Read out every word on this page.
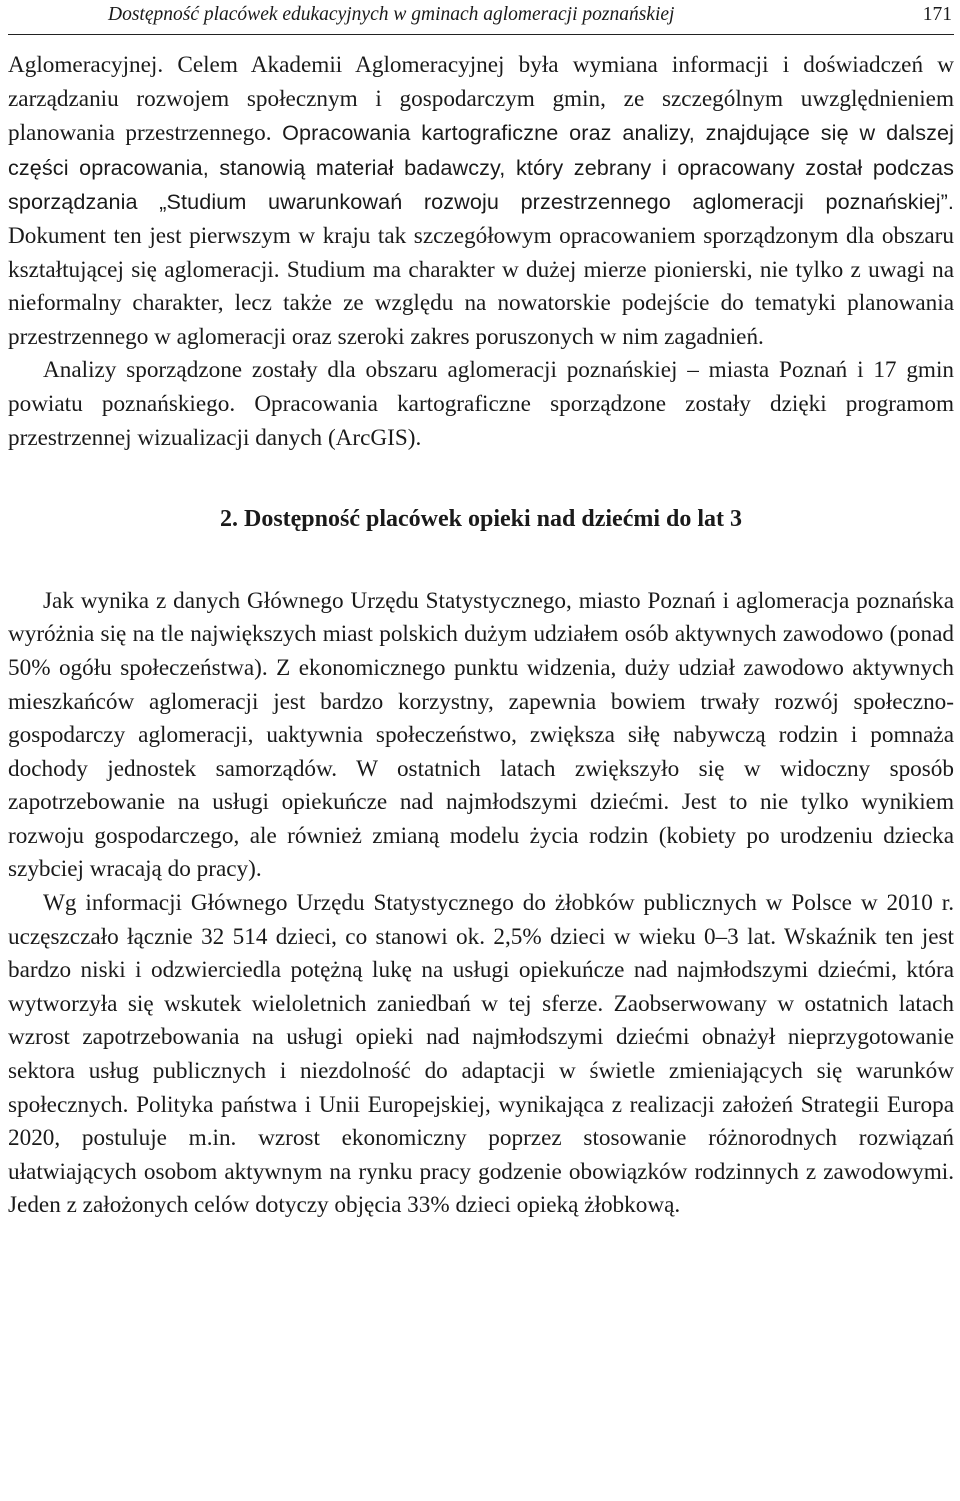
Dostępność placówek edukacyjnych w gminach aglomeracji poznańskiej	171

Aglomeracyjnej. Celem Akademii Aglomeracyjnej była wymiana informacji i doświadczeń w zarządzaniu rozwojem społecznym i gospodarczym gmin, ze szczególnym uwzględnieniem planowania przestrzennego. Opracowania kartograficzne oraz analizy, znajdujące się w dalszej części opracowania, stanowią materiał badawczy, który zebrany i opracowany został podczas sporządzania „Studium uwarunkowań rozwoju przestrzennego aglomeracji poznańskiej”. Dokument ten jest pierwszym w kraju tak szczegółowym opracowaniem sporządzonym dla obszaru kształtującej się aglomeracji. Studium ma charakter w dużej mierze pionierski, nie tylko z uwagi na nieformalny charakter, lecz także ze względu na nowatorskie podejście do tematyki planowania przestrzennego w aglomeracji oraz szeroki zakres poruszonych w nim zagadnień.

Analizy sporządzone zostały dla obszaru aglomeracji poznańskiej – miasta Poznań i 17 gmin powiatu poznańskiego. Opracowania kartograficzne sporządzone zostały dzięki programom przestrzennej wizualizacji danych (ArcGIS).

2. Dostępność placówek opieki nad dziećmi do lat 3

Jak wynika z danych Głównego Urzędu Statystycznego, miasto Poznań i aglomeracja poznańska wyróżnia się na tle największych miast polskich dużym udziałem osób aktywnych zawodowo (ponad 50% ogółu społeczeństwa). Z ekonomicznego punktu widzenia, duży udział zawodowo aktywnych mieszkańców aglomeracji jest bardzo korzystny, zapewnia bowiem trwały rozwój społeczno-gospodarczy aglomeracji, uaktywnia społeczeństwo, zwiększa siłę nabywczą rodzin i pomnaża dochody jednostek samorządów. W ostatnich latach zwiększyło się w widoczny sposób zapotrzebowanie na usługi opiekuńcze nad najmłodszymi dziećmi. Jest to nie tylko wynikiem rozwoju gospodarczego, ale również zmianą modelu życia rodzin (kobiety po urodzeniu dziecka szybciej wracają do pracy).

Wg informacji Głównego Urzędu Statystycznego do żłobków publicznych w Polsce w 2010 r. uczęszczało łącznie 32 514 dzieci, co stanowi ok. 2,5% dzieci w wieku 0–3 lat. Wskaźnik ten jest bardzo niski i odzwierciedla potężną lukę na usługi opiekuńcze nad najmłodszymi dziećmi, która wytworzyła się wskutek wieloletnich zaniedbań w tej sferze. Zaobserwowany w ostatnich latach wzrost zapotrzebowania na usługi opieki nad najmłodszymi dziećmi obnażył nieprzygotowanie sektora usług publicznych i niezdolność do adaptacji w świetle zmieniających się warunków społecznych. Polityka państwa i Unii Europejskiej, wynikająca z realizacji założeń Strategii Europa 2020, postuluje m.in. wzrost ekonomiczny poprzez stosowanie różnorodnych rozwiązań ułatwiających osobom aktywnym na rynku pracy godzenie obowiązków rodzinnych z zawodowymi. Jeden z założonych celów dotyczy objęcia 33% dzieci opieką żłobkową.
